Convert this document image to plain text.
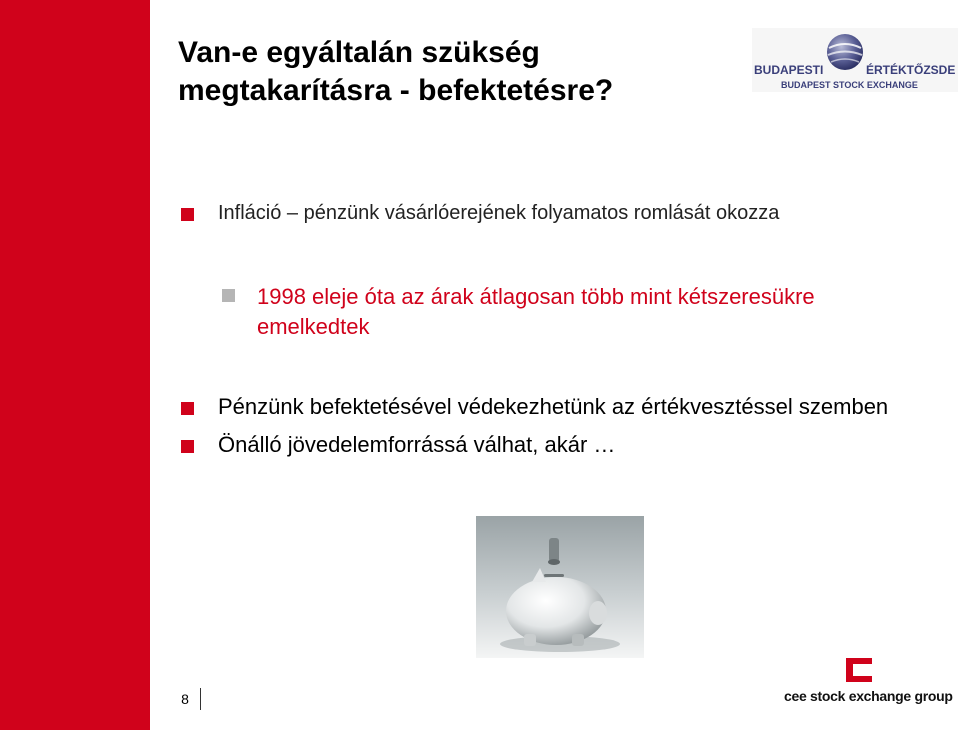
Van-e egyáltalán szükség
megtakarításra - befektetésre?
BUDAPESTI	ÉRTÉKTŐZSDE
BUDAPEST STOCK EXCHANGE
Infláció – pénzünk vásárlóerejének folyamatos romlását okozza
1998 eleje óta az árak átlagosan több mint kétszeresükre
emelkedtek
Pénzünk befektetésével védekezhetünk az értékvesztéssel szemben
Önálló jövedelemforrássá válhat, akár …
8	cee stock exchange group
